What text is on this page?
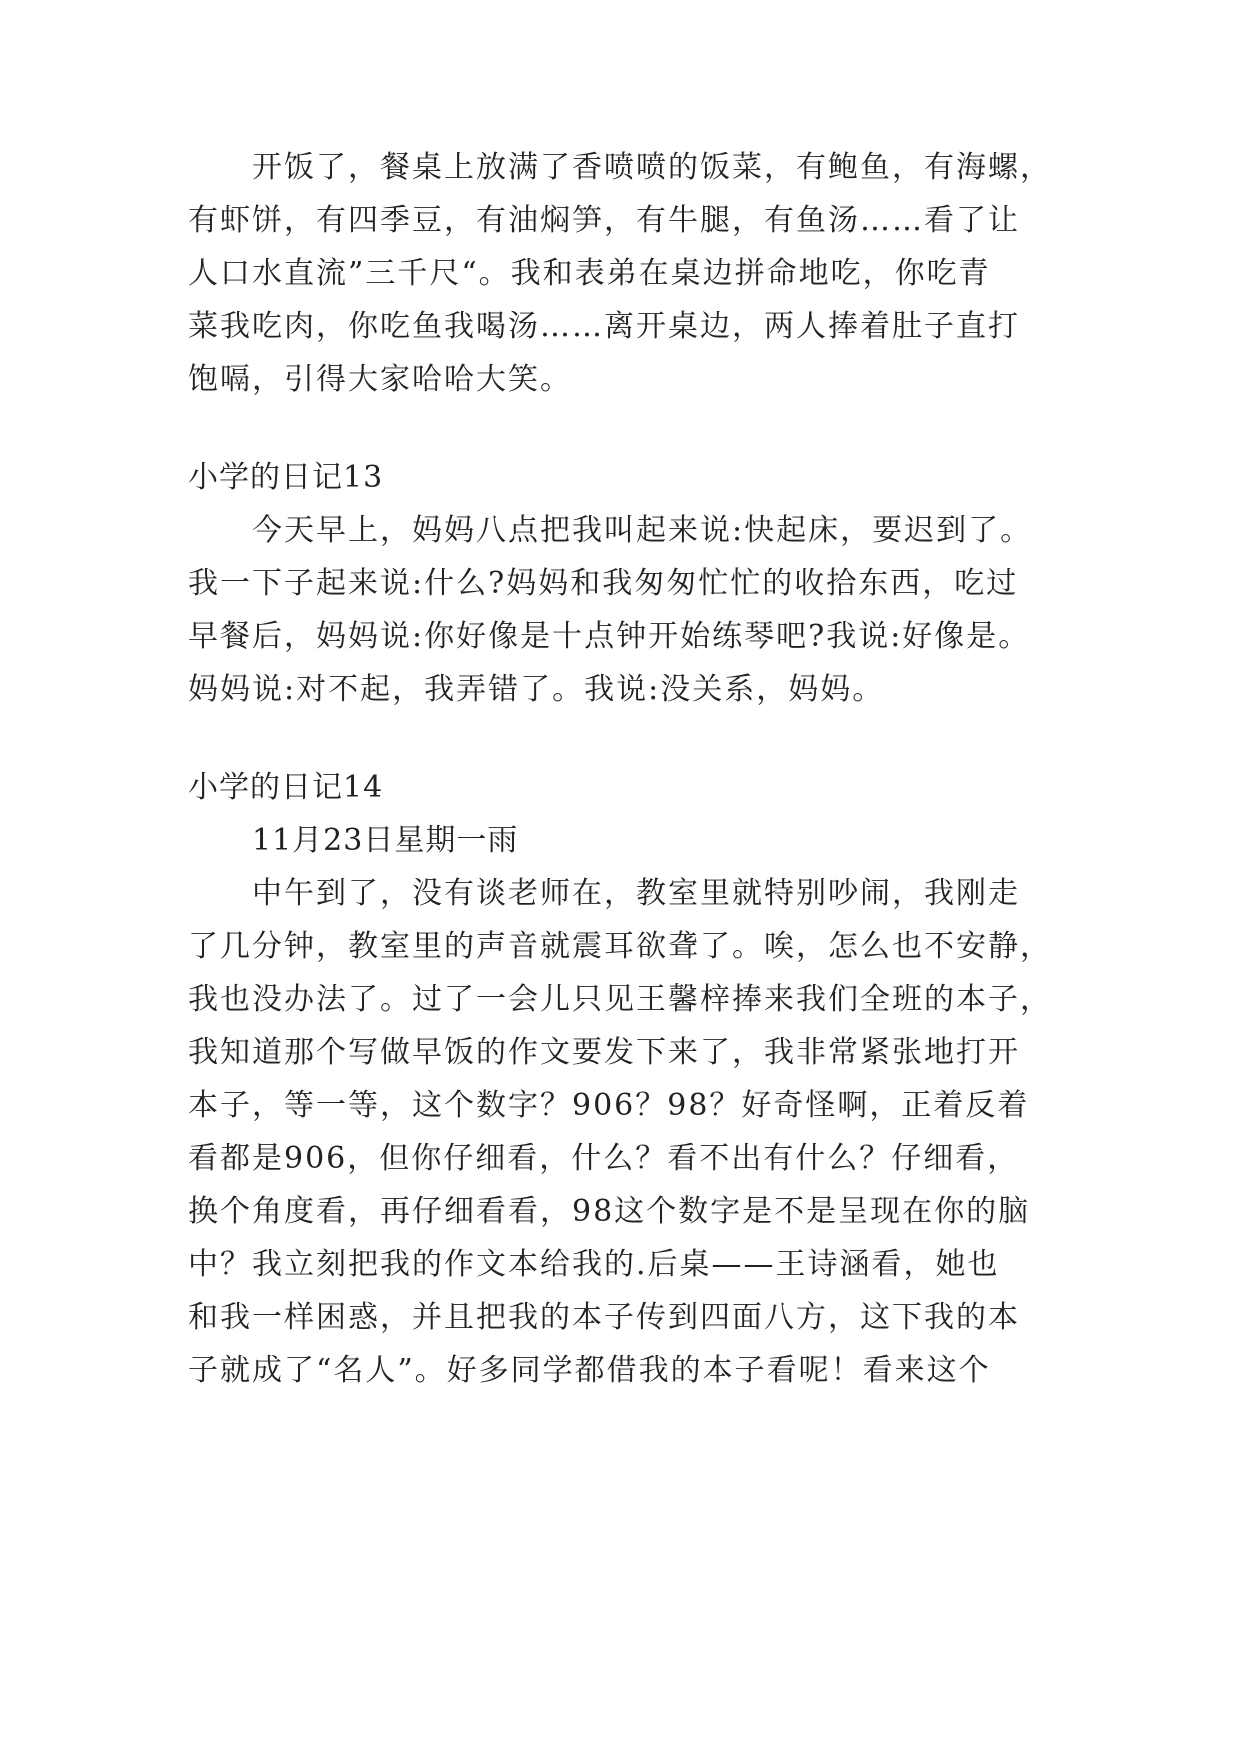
开饭了，餐桌上放满了香喷喷的饭菜，有鲍鱼，有海螺，
有虾饼，有四季豆，有油焖笋，有牛腿，有鱼汤……看了让
人口水直流”三千尺“。我和表弟在桌边拼命地吃，你吃青
菜我吃肉，你吃鱼我喝汤……离开桌边，两人捧着肚子直打
饱嗝，引得大家哈哈大笑。
小学的日记13
今天早上，妈妈八点把我叫起来说:快起床，要迟到了。
我一下子起来说:什么?妈妈和我匆匆忙忙的收拾东西，吃过
早餐后，妈妈说:你好像是十点钟开始练琴吧?我说:好像是。
妈妈说:对不起，我弄错了。我说:没关系，妈妈。
小学的日记14
11月23日星期一雨
中午到了，没有谈老师在，教室里就特别吵闹，我刚走
了几分钟，教室里的声音就震耳欲聋了。唉，怎么也不安静，
我也没办法了。过了一会儿只见王馨梓捧来我们全班的本子，
我知道那个写做早饭的作文要发下来了，我非常紧张地打开
本子，等一等，这个数字？906？98？好奇怪啊，正着反着
看都是906，但你仔细看，什么？看不出有什么？仔细看，
换个角度看，再仔细看看，98这个数字是不是呈现在你的脑
中？我立刻把我的作文本给我的.后桌——王诗涵看，她也
和我一样困惑，并且把我的本子传到四面八方，这下我的本
子就成了“名人”。好多同学都借我的本子看呢！看来这个
